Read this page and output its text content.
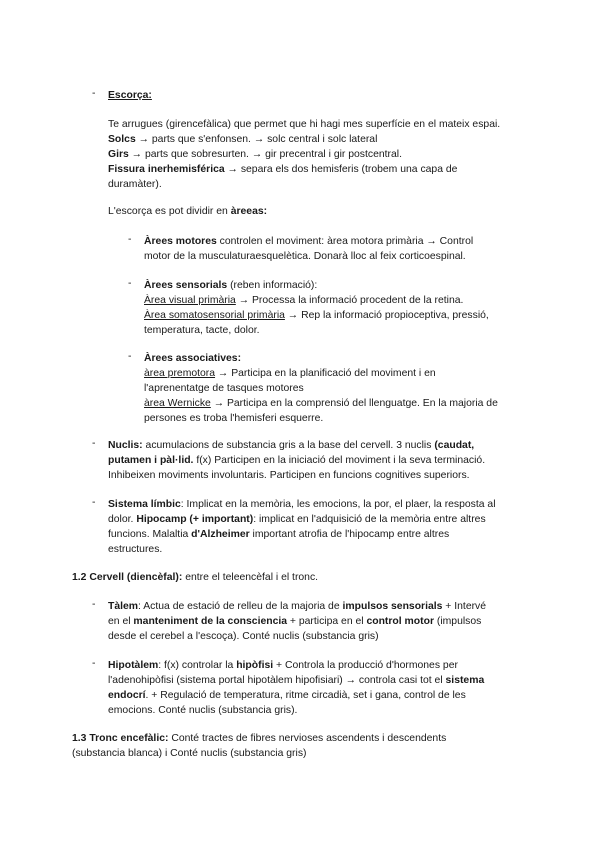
- Escorça:
Te arrugues (girencefàlica) que permet que hi hagi mes superfície en el mateix espai.
Solcs → parts que s'enfonsen. → solc central i solc lateral
Girs → parts que sobresurten. → gir precentral i gir postcentral.
Fissura inerhemisférica → separa els dos hemisferis (trobem una capa de
duramàter).
L'escorça es pot dividir en àreeas:
- Àrees motores controlen el moviment: àrea motora primària → Control
motor de la musculaturaesquelètica. Donarà lloc al feix corticoespinal.
- Àrees sensorials (reben informació):
Àrea visual primària → Processa la informació procedent de la retina.
Àrea somatosensorial primària → Rep la informació propioceptiva, pressió,
temperatura, tacte, dolor.
- Àrees associatives:
àrea premotora → Participa en la planificació del moviment i en
l'aprenentatge de tasques motores
àrea Wernicke → Participa en la comprensió del llenguatge. En la majoria de
persones es troba l'hemisferi esquerre.
- Nuclis: acumulacions de substancia gris a la base del cervell. 3 nuclis (caudat,
putamen i pàl·lid. f(x) Participen en la iniciació del moviment i la seva terminació.
Inhibeixen moviments involuntaris. Participen en funcions cognitives superiors.
- Sistema límbic: Implicat en la memòria, les emocions, la por, el plaer, la resposta al
dolor. Hipocamp (+ important): implicat en l'adquisició de la memòria entre altres
funcions. Malaltia d'Alzheimer important atrofia de l'hipocamp entre altres
estructures.
1.2 Cervell (diencèfal): entre el teleencèfal i el tronc.
- Tàlem: Actua de estació de relleu de la majoria de impulsos sensorials + Intervé
en el manteniment de la consciencia + participa en el control motor (impulsos
desde el cerebel a l'escoça). Conté nuclis (substancia gris)
- Hipotàlem: f(x) controlar la hipòfisi + Controla la producció d'hormones per
l'adenohipòfisi (sistema portal hipotàlem hipofisiari) → controla casi tot el sistema
endocrí. + Regulació de temperatura, ritme circadià, set i gana, control de les
emocions. Conté nuclis (substancia gris).
1.3 Tronc encefàlic: Conté tractes de fibres nervioses ascendents i descendents
(substancia blanca) i Conté nuclis (substancia gris)
